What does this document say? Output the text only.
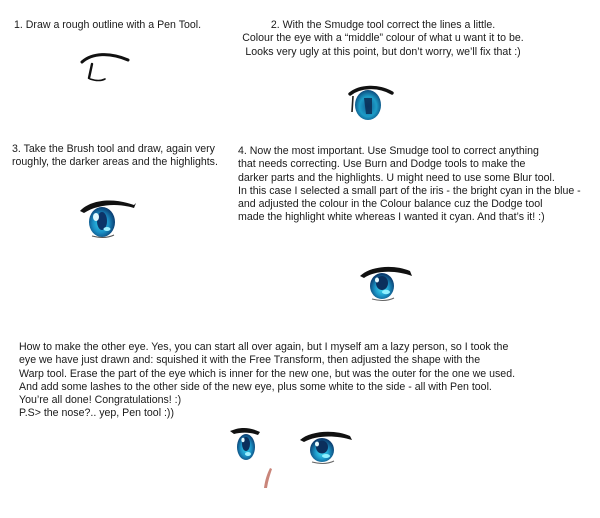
1. Draw a rough outline with a Pen Tool.	2. With the Smudge tool correct the lines a little.
Colour the eye with a “middle” colour of what u want it to be.
Looks very ugly at this point, but don’t worry, we’ll fix that :)
3. Take the Brush tool and draw, again very
roughly, the darker areas and the highlights.
4. Now the most important. Use Smudge tool to correct anything
that needs correcting. Use Burn and Dodge tools to make the
darker parts and the highlights. U might need to use some Blur tool.
In this case I selected a small part of the iris - the bright cyan in the blue -
and adjusted the colour in the Colour balance cuz the Dodge tool
made the highlight white whereas I wanted it cyan. And that’s it! :)
How to make the other eye. Yes, you can start all over again, but I myself am a lazy person, so I took the
eye we have just drawn and: squished it with the Free Transform, then adjusted the shape with the
Warp tool. Erase the part of the eye which is inner for the new one, but was the outer for the one we used.
And add some lashes to the other side of the new eye, plus some white to the side - all with Pen tool.
You’re all done! Congratulations! :)
P.S> the nose?.. yep, Pen tool :))
